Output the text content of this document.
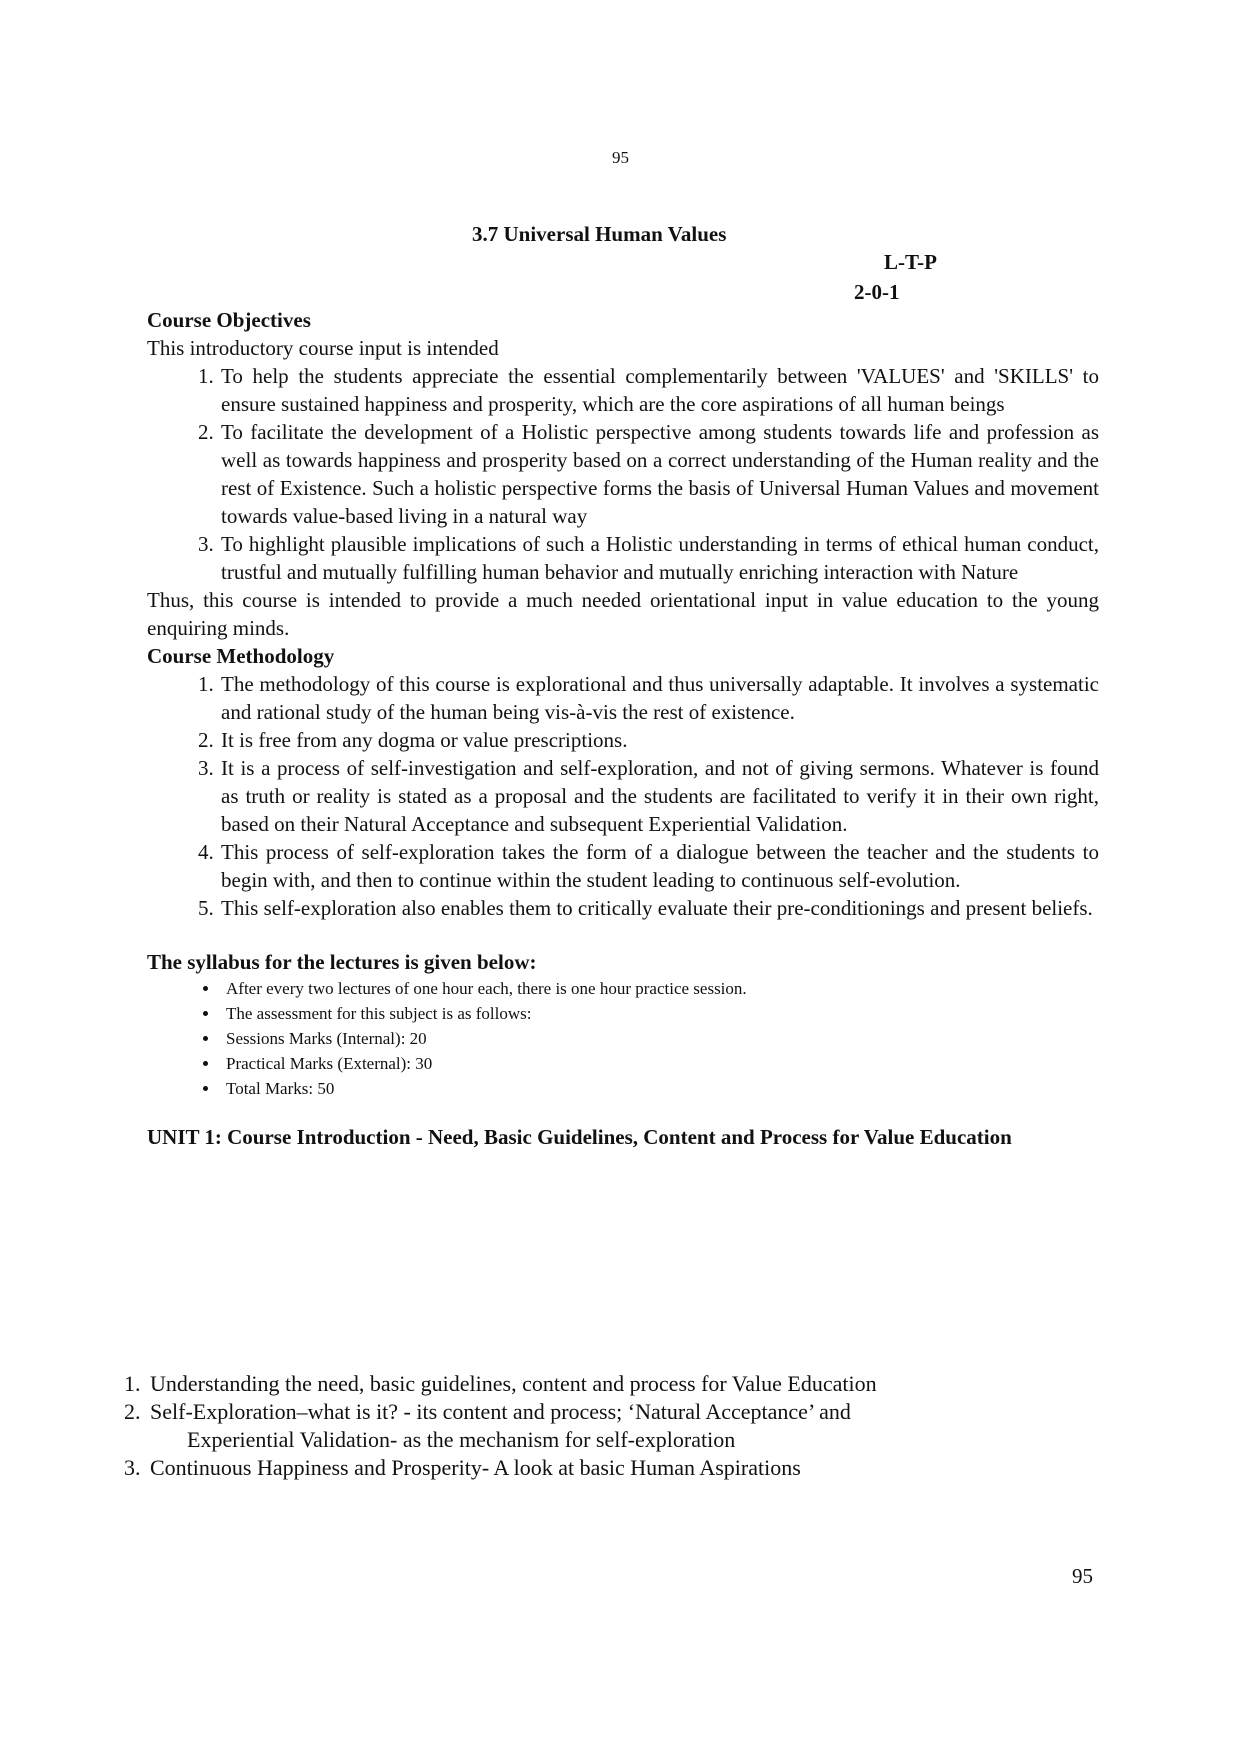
95
3.7 Universal Human Values
L-T-P
2-0-1
Course Objectives
This introductory course input is intended
1. To help the students appreciate the essential complementarily between 'VALUES' and 'SKILLS' to ensure sustained happiness and prosperity, which are the core aspirations of all human beings
2. To facilitate the development of a Holistic perspective among students towards life and profession as well as towards happiness and prosperity based on a correct understanding of the Human reality and the rest of Existence. Such a holistic perspective forms the basis of Universal Human Values and movement towards value-based living in a natural way
3. To highlight plausible implications of such a Holistic understanding in terms of ethical human conduct, trustful and mutually fulfilling human behavior and mutually enriching interaction with Nature
Thus, this course is intended to provide a much needed orientational input in value education to the young enquiring minds.
Course Methodology
1. The methodology of this course is explorational and thus universally adaptable. It involves a systematic and rational study of the human being vis-à-vis the rest of existence.
2. It is free from any dogma or value prescriptions.
3. It is a process of self-investigation and self-exploration, and not of giving sermons. Whatever is found as truth or reality is stated as a proposal and the students are facilitated to verify it in their own right, based on their Natural Acceptance and subsequent Experiential Validation.
4. This process of self-exploration takes the form of a dialogue between the teacher and the students to begin with, and then to continue within the student leading to continuous self-evolution.
5. This self-exploration also enables them to critically evaluate their pre-conditionings and present beliefs.
The syllabus for the lectures is given below:
• After every two lectures of one hour each, there is one hour practice session.
• The assessment for this subject is as follows:
• Sessions Marks (Internal): 20
• Practical Marks (External): 30
• Total Marks: 50
UNIT 1: Course Introduction - Need, Basic Guidelines, Content and Process for Value Education
1. Understanding the need, basic guidelines, content and process for Value Education
2. Self-Exploration–what is it? - its content and process; ‘Natural Acceptance’ and
Experiential Validation- as the mechanism for self-exploration
3. Continuous Happiness and Prosperity- A look at basic Human Aspirations
95
